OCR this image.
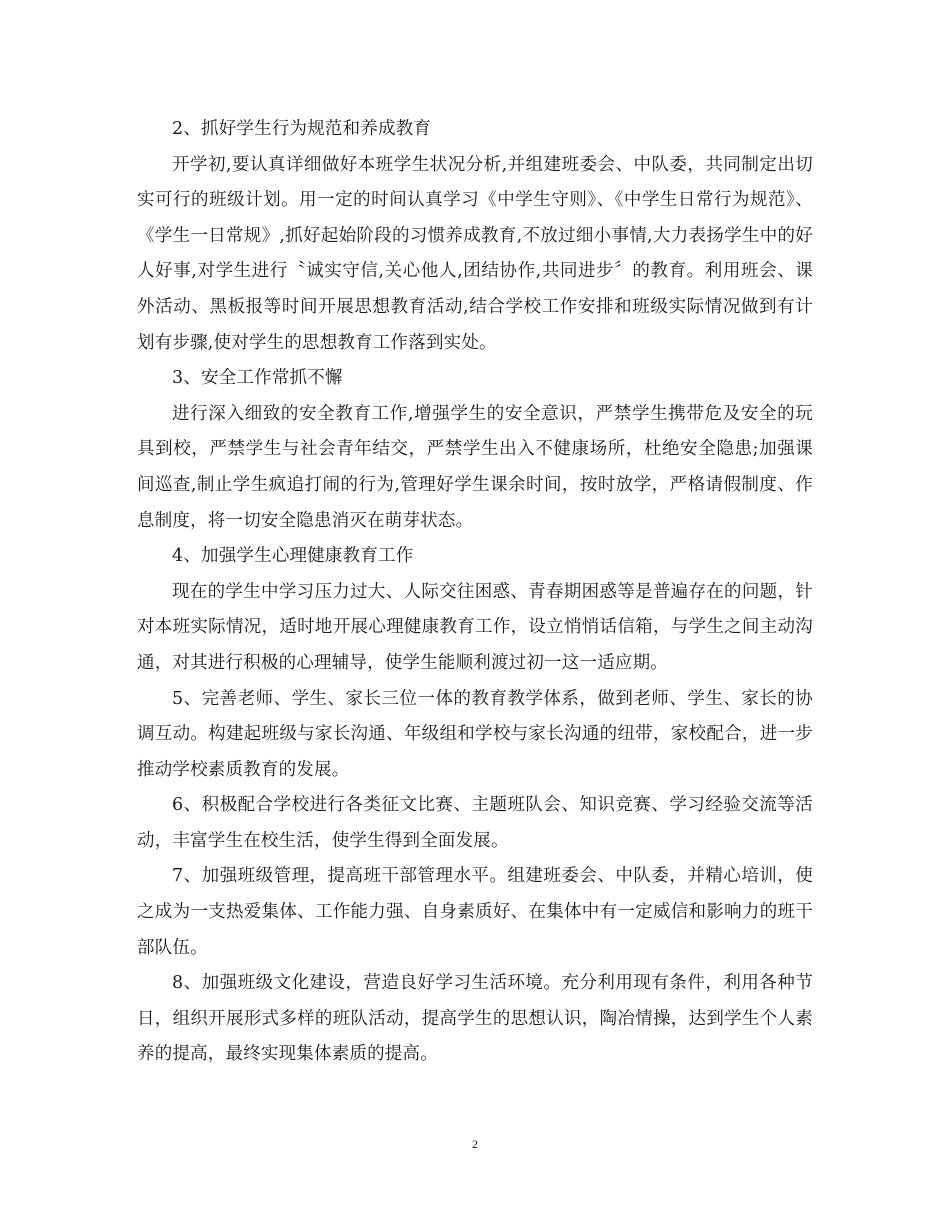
2、抓好学生行为规范和养成教育

开学初,要认真详细做好本班学生状况分析,并组建班委会、中队委，共同制定出切实可行的班级计划。用一定的时间认真学习《中学生守则》、《中学生日常行为规范》、《学生一日常规》,抓好起始阶段的习惯养成教育,不放过细小事情,大力表扬学生中的好人好事,对学生进行〝诚实守信,关心他人,团结协作,共同进步〞的教育。利用班会、课外活动、黑板报等时间开展思想教育活动,结合学校工作安排和班级实际情况做到有计划有步骤,使对学生的思想教育工作落到实处。

3、安全工作常抓不懈

进行深入细致的安全教育工作,增强学生的安全意识，严禁学生携带危及安全的玩具到校，严禁学生与社会青年结交，严禁学生出入不健康场所，杜绝安全隐患;加强课间巡查,制止学生疯追打闹的行为,管理好学生课余时间，按时放学，严格请假制度、作息制度，将一切安全隐患消灭在萌芽状态。

4、加强学生心理健康教育工作

现在的学生中学习压力过大、人际交往困惑、青春期困惑等是普遍存在的问题，针对本班实际情况，适时地开展心理健康教育工作，设立悄悄话信箱，与学生之间主动沟通，对其进行积极的心理辅导，使学生能顺利渡过初一这一适应期。

5、完善老师、学生、家长三位一体的教育教学体系，做到老师、学生、家长的协调互动。构建起班级与家长沟通、年级组和学校与家长沟通的纽带，家校配合，进一步推动学校素质教育的发展。

6、积极配合学校进行各类征文比赛、主题班队会、知识竞赛、学习经验交流等活动，丰富学生在校生活，使学生得到全面发展。

7、加强班级管理，提高班干部管理水平。组建班委会、中队委，并精心培训，使之成为一支热爱集体、工作能力强、自身素质好、在集体中有一定威信和影响力的班干部队伍。

8、加强班级文化建设，营造良好学习生活环境。充分利用现有条件，利用各种节日，组织开展形式多样的班队活动，提高学生的思想认识，陶冶情操，达到学生个人素养的提高，最终实现集体素质的提高。

2
